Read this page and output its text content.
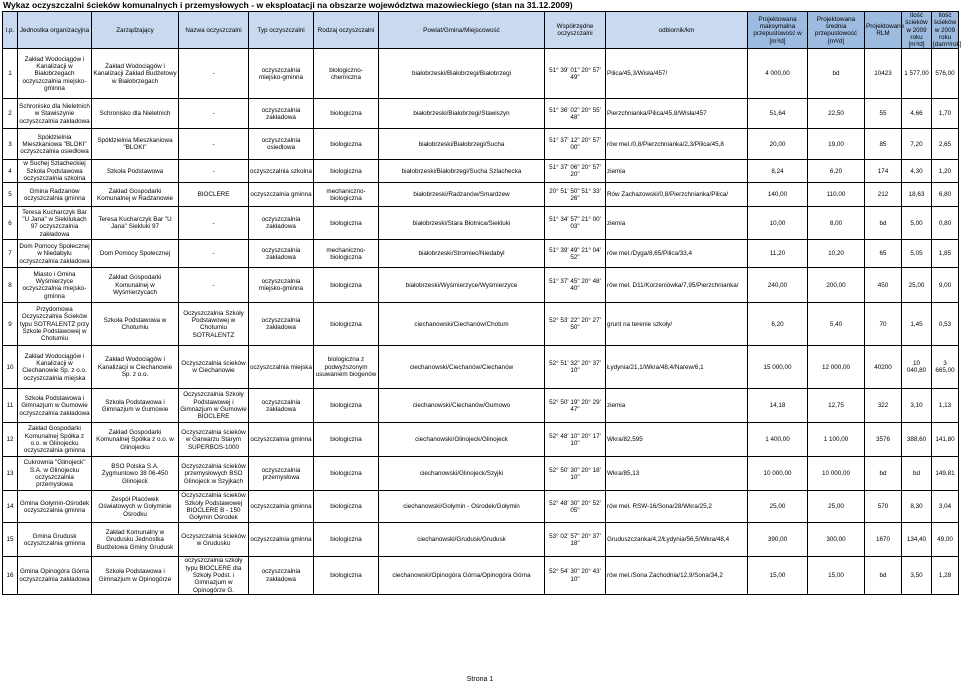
Wykaz oczyszczalni ścieków komunalnych i przemysłowych - w eksploatacji na obszarze województwa mazowieckiego (stan na 31.12.2009)
l.p.	Jednostka organizacyjna	Zarządzający	Nazwa oczyszczalni	Typ oczyszczalni	Rodzaj oczyszczalni	Powiat/Gmina/Miejscowość	Współrzędne oczyszczalni	odbiornik/km	Projektowana maksymalna przepustowość w [m³/d]	Projektowana średnia przepustowość [m³/d]	Projektowane RLM	Ilość ścieków w 2009 roku [m³/d]	Ilość ścieków w 2009 roku [dam³/rok]
1	Zakład Wodociągów i Kanalizacji w Białobrzegach oczyszczalnia miejsko-gminna	Zakład Wodociągów i Kanalizacji Zakład Budżetowy w Białobrzegach	-	oczyszczalnia miejsko-gminna	biologiczno-chemiczna	białobrzeski/Białobrzegi/Białobrzegi	51° 39' 01" 20° 57' 49"	Pilica/45,3/Wisła/457/	4 000,00	bd	10423	1 577,00	576,00
2	Schronisko dla Nieletnich w Stawiszynie oczyszczalnia zakładowa	Schronisko dla Nieletnich	-	oczyszczalnia zakładowa	biologiczna	białobrzeski/Białobrzegi/Stawiszyn	51° 36' 02" 20° 55' 48"	Pierzchnianka/Pilica/45,8/Wisła/457	51,64	22,50	55	4,66	1,70
3	Spółdzielnia Mieszkaniowa "BLOKI" oczyszczalnia osiedlowa	Spółdzielnia Mieszkaniowa "BLOKI"	-	oczyszczalnia osiedlowa	biologiczna	białobrzeski/Białobrzegi/Sucha	51° 37' 12" 20° 57' 00"	rów mel./0,8/Pierzchnianka/2,3/Pilica/45,8	20,00	19,00	85	7,20	2,65
4	w Suchej Szlacheckiej Szkoła Podstawowa oczyszczalnia szkolna	Szkoła Podstawowa	-	oczyszczalnia szkolna	biologiczna	białobrzeski/Białobrzegi/Sucha Szlachecka	51° 37' 06" 20° 57' 20"	ziemia	8,24	6,20	174	4,30	1,20
5	Gmina Radzanów oczyszczalnia gminna	Zakład Gospodarki Komunalnej w Radzanowie	BIOCLERE	oczyszczalnia gminna	mechaniczno-biologiczna	białobrzeski/Radzanów/Smardzew	20° 51' 50" 51° 33' 26"	Rów Zachazowski/0,8/Pierzchnianka/Pilica/	140,00	110,00	212	18,63	6,80
6	Teresa Kucharczyk Bar "U Jana" w Siekilukach 97 oczyszczalnia zakładowa	Teresa Kucharczyk Bar "U Jana" Siekluki 97	-	oczyszczalnia zakładowa	biologiczna	białobrzeski/Stara Błotnica/Siekluki	51° 34' 57" 21° 00' 03"	ziemia	10,00	8,00	bd	5,00	0,80
7	Dom Pomocy Społecznej w Niedabylu oczyszczalnia zakładowa	Dom Pomocy Społecznej	-	oczyszczalnia zakładowa	mechaniczno-biologiczna	białobrzeski/Stromiec/Niedabyl	51° 39' 49" 21° 04' 52"	rów mel./Dyga/8,65/Pilica/33,4	11,20	10,20	65	5,05	1,85
8	Miasto i Gmina Wyśmierzyce oczyszczalnia miejsko-gminna	Zakład Gospodarki Komunalnej w Wyśmierzycach	-	oczyszczalnia miejsko-gminna	biologiczna	białobrzeski/Wyśmierzyce/Wyśmierzyce	51° 37' 45" 20° 48' 40"	rów mel. D11/Korzeniówka/7,95/Pierzchnianka/	240,00	200,00	450	25,00	9,00
9	Przydomowa Oczyszczalnia Ścieków typu SOTRALENTZ przy Szkole Podstawowej w Chotumiu	Szkoła Podstawowa w Chotumiu	Oczyszczalnia Szkoły Podstawowej w Chotumiu SOTRALENTZ	oczyszczalnia zakładowa	biologiczna	ciechanowski/Ciechanów/Chotum	52° 53' 22" 20° 27' 50"	grunt na terenie szkoły/	6,20	5,40	70	1,45	0,53
10	Zakład Wodociągów i Kanalizacji w Ciechanowie Sp. z o.o. oczyszczalnia miejska	Zakład Wodociągów i Kanalizacji w Ciechanowie Sp. z o.o.	Oczyszczalnia ścieków w Ciechanowie	oczyszczalnia miejska	biologiczna z podwyższonym usuwaniem biogenów	ciechanowski/Ciechanów/Ciechanów	52° 51' 32" 20° 37' 10"	Łydynia/21,1/Wkra/48,4/Narew/6,1	15 000,00	12 000,00	40200	10 040,80	3 665,00
11	Szkoła Podstawowa i Gimnazjum w Gumowie oczyszczalnia zakładowa	Szkoła Podstawowa i Gimnazjum w Gumowie	Oczyszczalnia Szkoły Podstawowej i Gimnazjum w Gumowie BIOCLERE	oczyszczalnia zakładowa	biologiczna	ciechanowski/Ciechanów/Gumowo	52° 50' 19" 20° 29' 47"	ziemia	14,18	12,75	322	3,10	1,13
12	Zakład Gospodarki Komunalnej Spółka z o.o. w Glinojecku oczyszczalnia gminna	Zakład Gospodarki Komunalnej Spółka z o.o. w Glinojecku	Oczyszczalnia ścieków w Garwarzu Starym SUPERBOS-1000	oczyszczalnia gminna	biologiczna	ciechanowski/Glinojeck/Glinojeck	52° 48' 10" 20° 17' 10"	Wkra/82,595	1 400,00	1 100,00	3576	388,60	141,80
13	Cukrownia "Glinojeck" S.A. w Glinojecku oczyszczalnia przemysłowa	BSO Polska S.A. Żygmuntowo 38 06-450 Glinojeck	Oczyszczalnia ścieków przemysłowych BSO Glinojeck w Szyjkach	oczyszczalnia przemysłowa	biologiczna	ciechanowski/Glinojeck/Szyjki	52° 50' 30" 20° 18' 10"	Wkra/85,13	10 000,00	10 000,00	bd	bd	149,81
14	Gmina Gołymin-Ośrodek oczyszczalnia gminna	Zespół Placówek Oświatowych w Gołyminie Ośrodku	Oczyszczalnia ścieków Szkoły Podstawowej BIOCLERE B - 150 Gołymin Ośrodek	oczyszczalnia gminna	biologiczna	ciechanowski/Gołymin - Ośrodek/Gołymin	52° 48' 30" 20° 52' 05"	rów mel. RSW-16/Sona/28/Wkra/25,2	25,00	25,00	570	8,30	3,04
15	Gmina Grudusk oczyszczalnia gminna	Zakład Komunalny w Grudusku Jednostka Budżetowa Gminy Grudusk	Oczyszczalnia ścieków w Grudusku	oczyszczalnia gminna	biologiczna	ciechanowski/Grudusk/Grudusk	53° 02' 57" 20° 37' 18"	Gruduszczanka/4,2/Łydynia/56,5/Wkra/48,4	390,00	300,00	1670	134,40	49,00
16	Gmina Opinogóra Górna oczyszczalnia zakładowa	Szkoła Podstawowa i Gimnazjum w Opinogórze	oczyszczalnia szkoły typu BIOCLERE dla Szkoły Podst. i Gimnazjum w Opinogórze G.	oczyszczalnia zakładowa	biologiczna	ciechanowski/Opinogóra Górna/Opinogóra Górna	52° 54' 30" 20° 43' 10"	rów mel./Sona Zachodnia/12,9/Sona/34,2	15,00	15,00	bd	3,50	1,28
Strona 1
